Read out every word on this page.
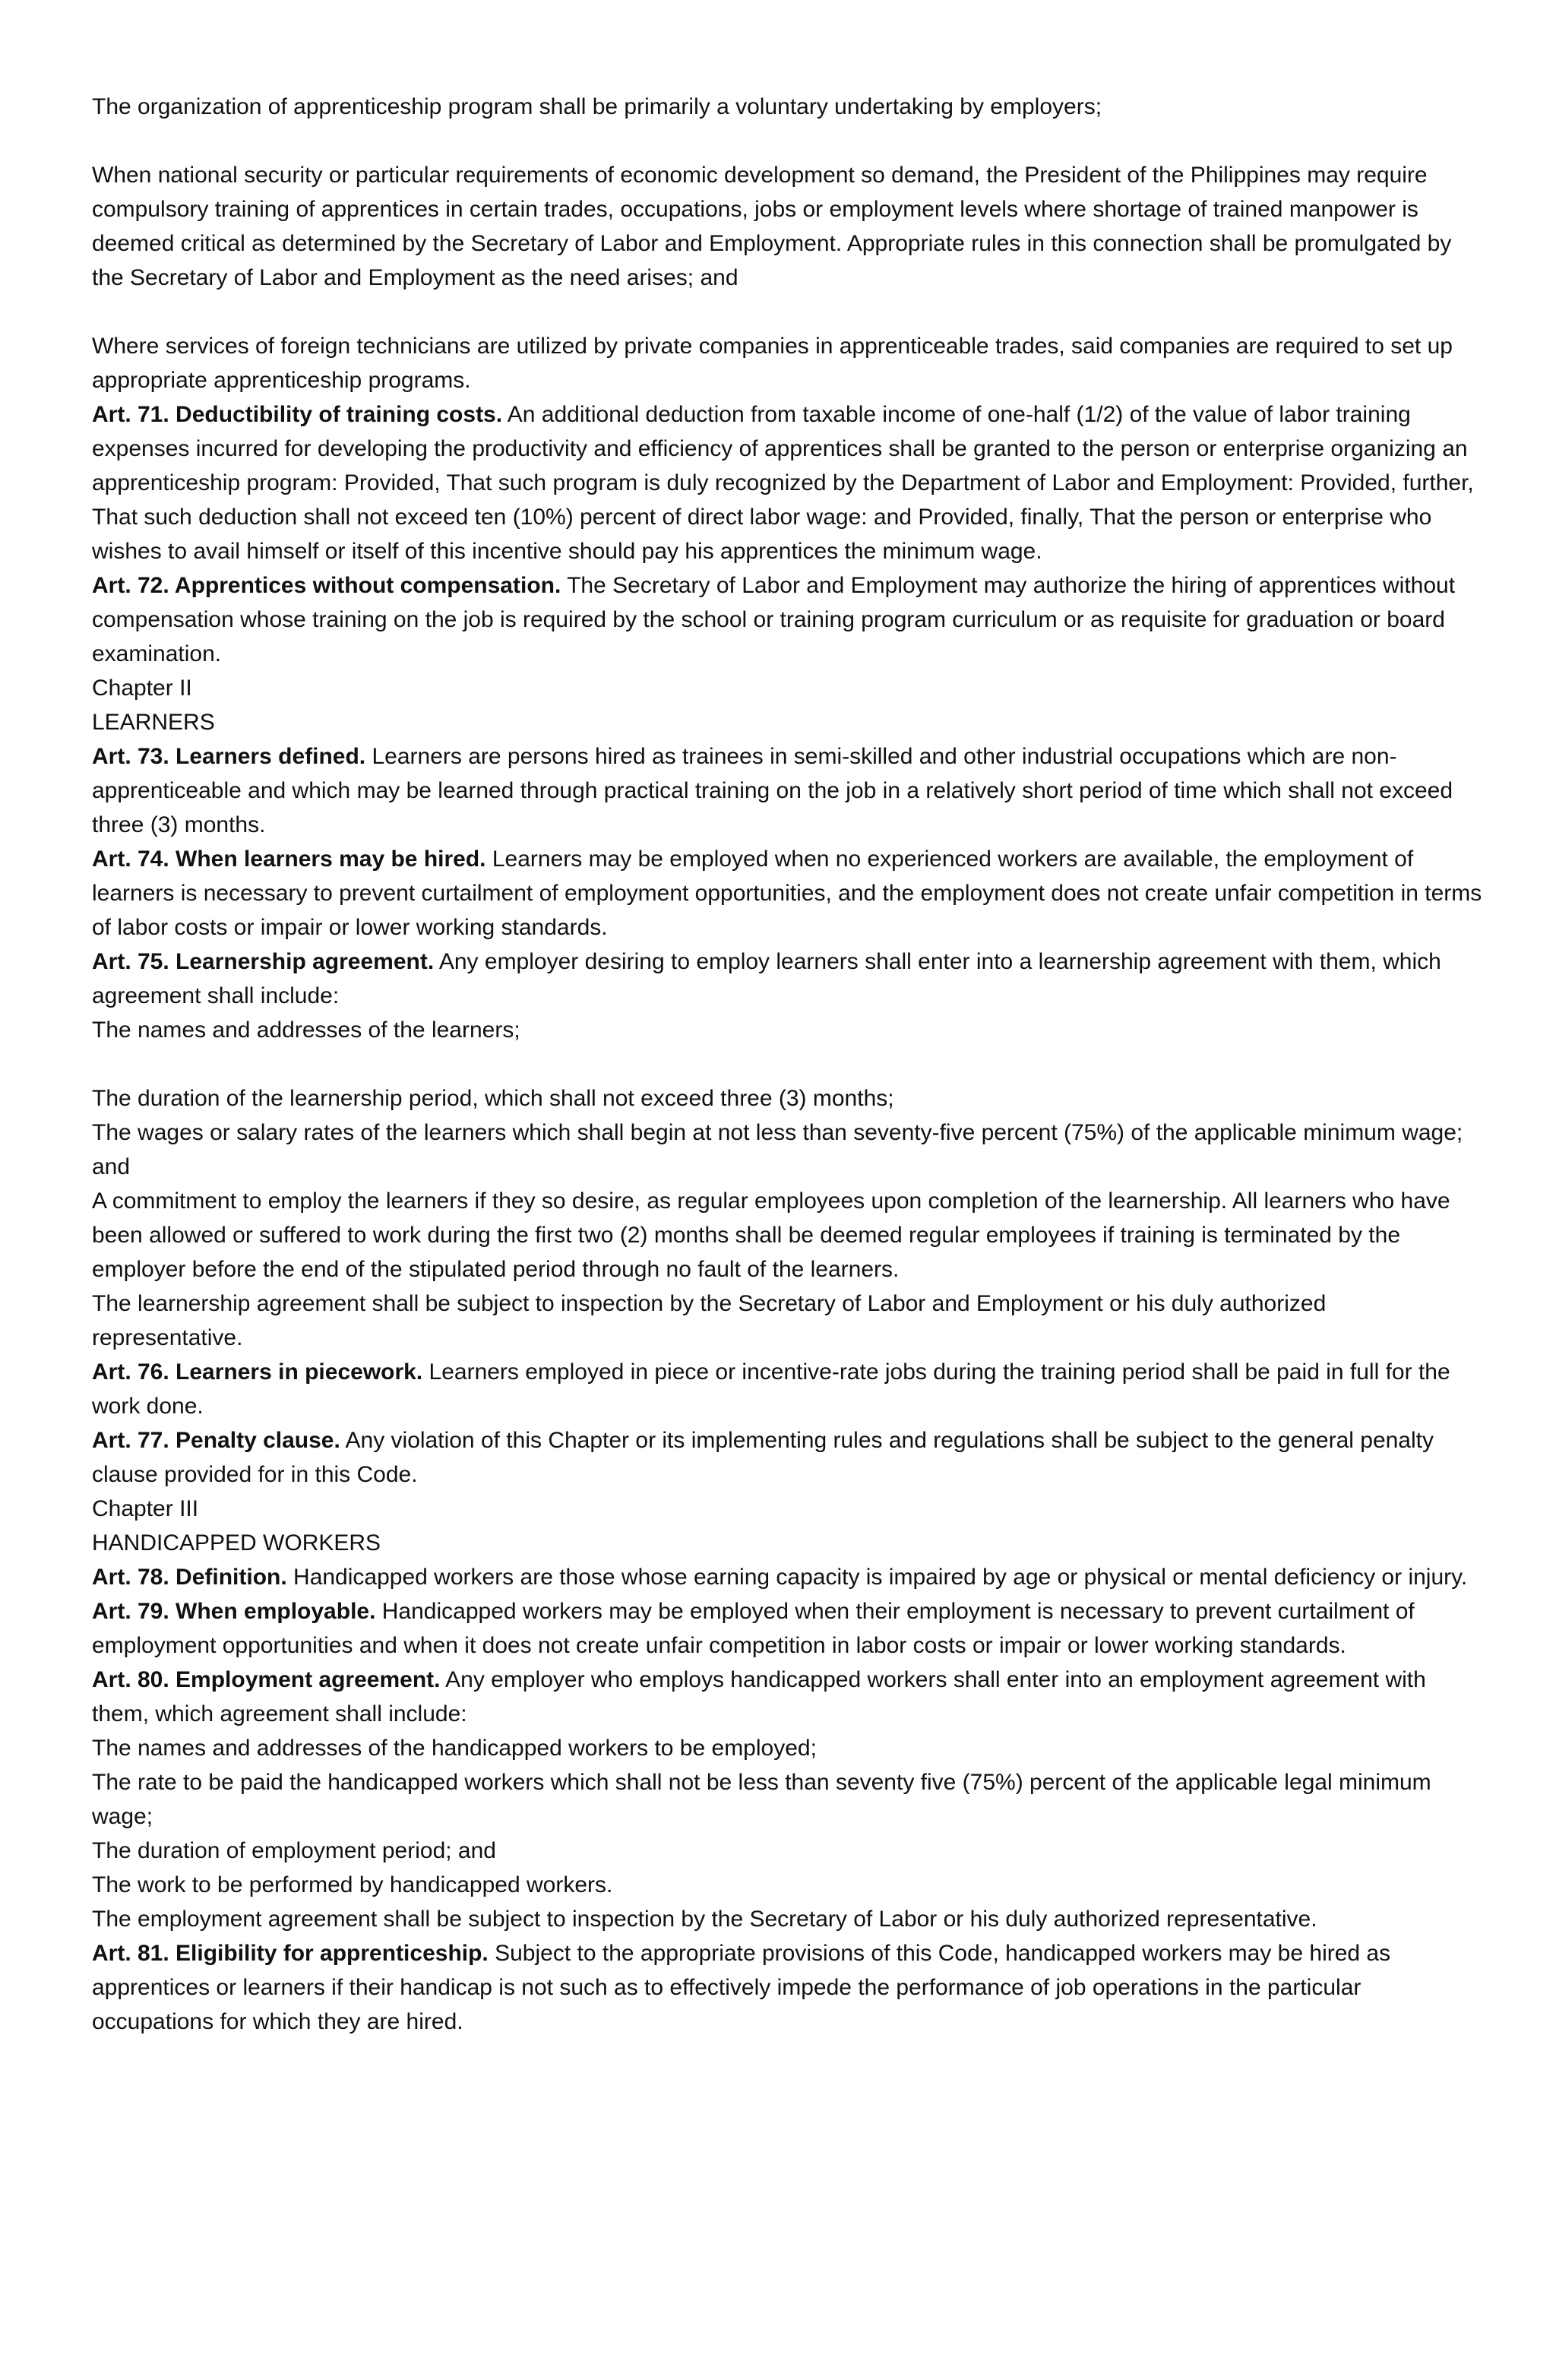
The organization of apprenticeship program shall be primarily a voluntary undertaking by employers;

When national security or particular requirements of economic development so demand, the President of the Philippines may require compulsory training of apprentices in certain trades, occupations, jobs or employment levels where shortage of trained manpower is deemed critical as determined by the Secretary of Labor and Employment. Appropriate rules in this connection shall be promulgated by the Secretary of Labor and Employment as the need arises; and

Where services of foreign technicians are utilized by private companies in apprenticeable trades, said companies are required to set up appropriate apprenticeship programs.

Art. 71. Deductibility of training costs. An additional deduction from taxable income of one-half (1/2) of the value of labor training expenses incurred for developing the productivity and efficiency of apprentices shall be granted to the person or enterprise organizing an apprenticeship program: Provided, That such program is duly recognized by the Department of Labor and Employment: Provided, further, That such deduction shall not exceed ten (10%) percent of direct labor wage: and Provided, finally, That the person or enterprise who wishes to avail himself or itself of this incentive should pay his apprentices the minimum wage.

Art. 72. Apprentices without compensation. The Secretary of Labor and Employment may authorize the hiring of apprentices without compensation whose training on the job is required by the school or training program curriculum or as requisite for graduation or board examination.

Chapter II

LEARNERS

Art. 73. Learners defined. Learners are persons hired as trainees in semi-skilled and other industrial occupations which are non-apprenticeable and which may be learned through practical training on the job in a relatively short period of time which shall not exceed three (3) months.

Art. 74. When learners may be hired. Learners may be employed when no experienced workers are available, the employment of learners is necessary to prevent curtailment of employment opportunities, and the employment does not create unfair competition in terms of labor costs or impair or lower working standards.

Art. 75. Learnership agreement. Any employer desiring to employ learners shall enter into a learnership agreement with them, which agreement shall include:

The names and addresses of the learners;

The duration of the learnership period, which shall not exceed three (3) months;

The wages or salary rates of the learners which shall begin at not less than seventy-five percent (75%) of the applicable minimum wage; and

A commitment to employ the learners if they so desire, as regular employees upon completion of the learnership. All learners who have been allowed or suffered to work during the first two (2) months shall be deemed regular employees if training is terminated by the employer before the end of the stipulated period through no fault of the learners.

The learnership agreement shall be subject to inspection by the Secretary of Labor and Employment or his duly authorized representative.

Art. 76. Learners in piecework. Learners employed in piece or incentive-rate jobs during the training period shall be paid in full for the work done.

Art. 77. Penalty clause. Any violation of this Chapter or its implementing rules and regulations shall be subject to the general penalty clause provided for in this Code.

Chapter III

HANDICAPPED WORKERS

Art. 78. Definition. Handicapped workers are those whose earning capacity is impaired by age or physical or mental deficiency or injury.

Art. 79. When employable. Handicapped workers may be employed when their employment is necessary to prevent curtailment of employment opportunities and when it does not create unfair competition in labor costs or impair or lower working standards.

Art. 80. Employment agreement. Any employer who employs handicapped workers shall enter into an employment agreement with them, which agreement shall include:

The names and addresses of the handicapped workers to be employed;

The rate to be paid the handicapped workers which shall not be less than seventy five (75%) percent of the applicable legal minimum wage;

The duration of employment period; and

The work to be performed by handicapped workers.

The employment agreement shall be subject to inspection by the Secretary of Labor or his duly authorized representative.

Art. 81. Eligibility for apprenticeship. Subject to the appropriate provisions of this Code, handicapped workers may be hired as apprentices or learners if their handicap is not such as to effectively impede the performance of job operations in the particular occupations for which they are hired.
